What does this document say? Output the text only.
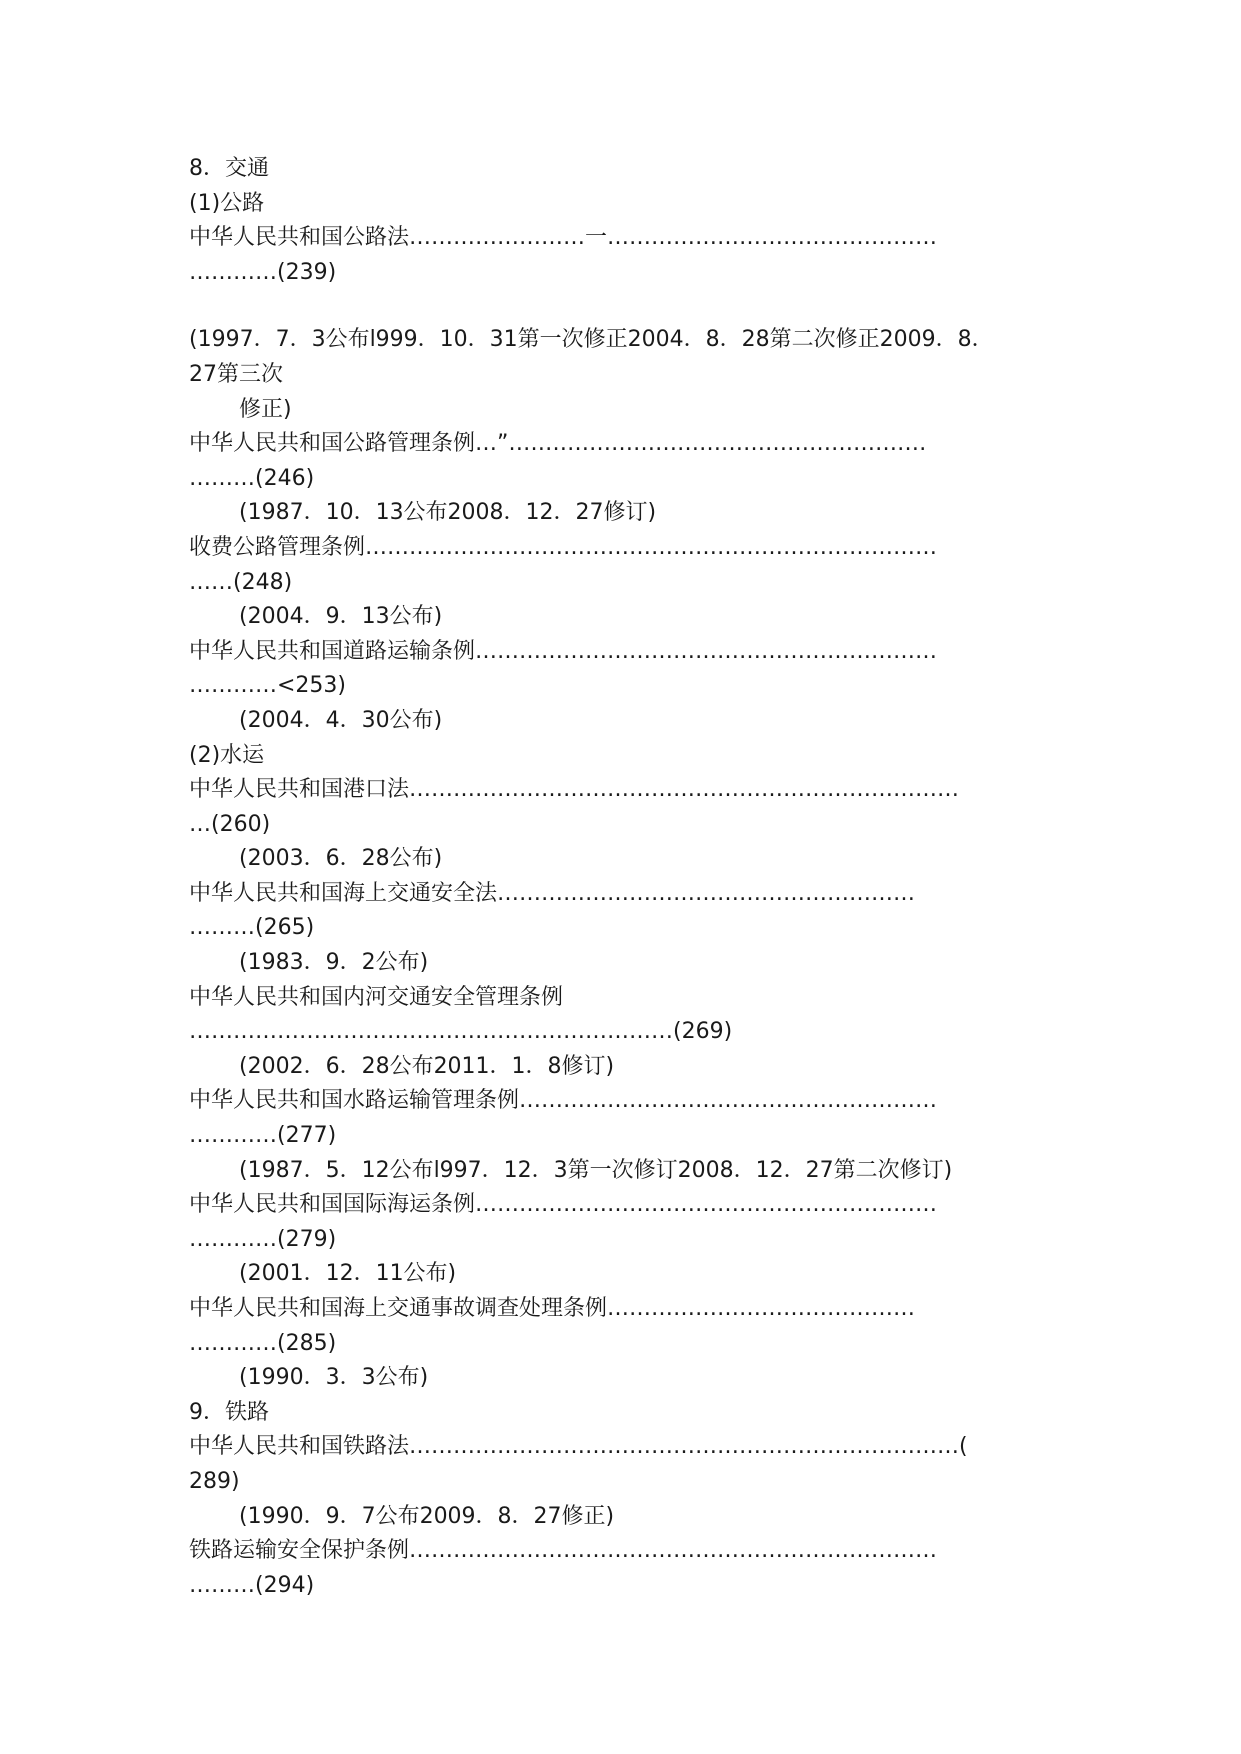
8．交通
(1)公路
中华人民共和国公路法……………………一………………………………………
…………(239)
(1997．7．3公布l999．10．31第一次修正2004．8．28第二次修正2009．8．
27第三次
修正)
中华人民共和国公路管理条例…”…………………………………………………
………(246)
(1987．10．13公布2008．12．27修订)
收费公路管理条例……………………………………………………………………
……(248)
(2004．9．13公布)
中华人民共和国道路运输条例………………………………………………………
…………<253)
(2004．4．30公布)
(2)水运
中华人民共和国港口法…………………………………………………………………
…(260)
(2003．6．28公布)
中华人民共和国海上交通安全法…………………………………………………
………(265)
(1983．9．2公布)
中华人民共和国内河交通安全管理条例
…………………………………………………………(269)
(2002．6．28公布2011．1．8修订)
中华人民共和国水路运输管理条例…………………………………………………
…………(277)
(1987．5．12公布l997．12．3第一次修订2008．12．27第二次修订)
中华人民共和国国际海运条例………………………………………………………
…………(279)
(2001．12．11公布)
中华人民共和国海上交通事故调查处理条例……………………………………
…………(285)
(1990．3．3公布)
9．铁路
中华人民共和国铁路法…………………………………………………………………(
289)
(1990．9．7公布2009．8．27修正)
铁路运输安全保护条例………………………………………………………………
………(294)
